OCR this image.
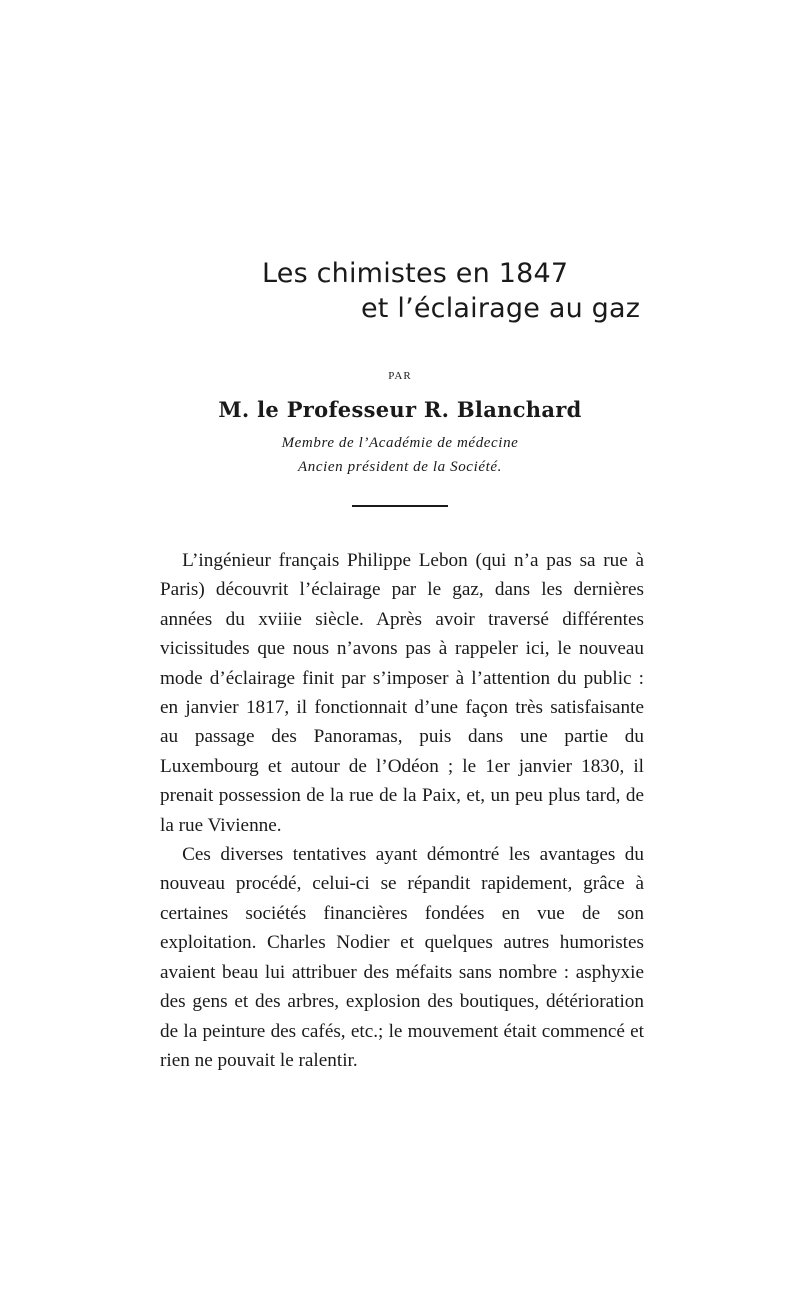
Les chimistes en 1847
et l’éclairage au gaz
PAR
M. le Professeur R. Blanchard
Membre de l’Académie de médecine
Ancien président de la Société.

L’ingénieur français Philippe Lebon (qui n’a pas sa rue à Paris) découvrit l’éclairage par le gaz, dans les dernières années du xviiie siècle. Après avoir traversé différentes vicissitudes que nous n’avons pas à rappeler ici, le nouveau mode d’éclairage finit par s’imposer à l’attention du public : en janvier 1817, il fonctionnait d’une façon très satisfaisante au passage des Panoramas, puis dans une partie du Luxembourg et autour de l’Odéon ; le 1er janvier 1830, il prenait possession de la rue de la Paix, et, un peu plus tard, de la rue Vivienne.

Ces diverses tentatives ayant démontré les avantages du nouveau procédé, celui-ci se répandit rapidement, grâce à certaines sociétés financières fondées en vue de son exploitation. Charles Nodier et quelques autres humoristes avaient beau lui attribuer des méfaits sans nombre : asphyxie des gens et des arbres, explosion des boutiques, détérioration de la peinture des cafés, etc.; le mouvement était commencé et rien ne pouvait le ralentir.
